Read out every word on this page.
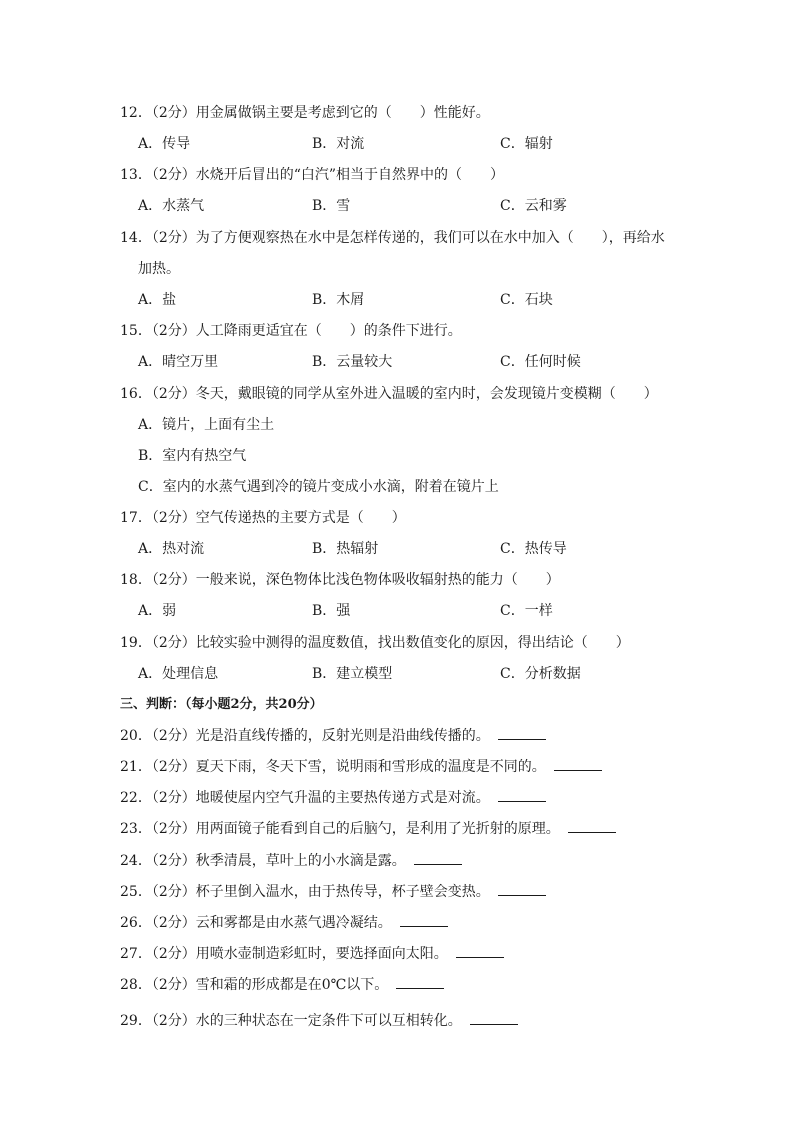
12．（2分）用金属做锅主要是考虑到它的（　　）性能好。
A．传导	B．对流	C．辐射
13．（2分）水烧开后冒出的“白汽”相当于自然界中的（　　）
A．水蒸气	B．雪	C．云和雾
14．（2分）为了方便观察热在水中是怎样传递的，我们可以在水中加入（　　），再给水
加热。
A．盐	B．木屑	C．石块
15．（2分）人工降雨更适宜在（　　）的条件下进行。
A．晴空万里	B．云量较大	C．任何时候
16．（2分）冬天，戴眼镜的同学从室外进入温暖的室内时，会发现镜片变模糊（　　）
A．镜片，上面有尘土
B．室内有热空气
C．室内的水蒸气遇到冷的镜片变成小水滴，附着在镜片上
17．（2分）空气传递热的主要方式是（　　）
A．热对流	B．热辐射	C．热传导
18．（2分）一般来说，深色物体比浅色物体吸收辐射热的能力（　　）
A．弱	B．强	C．一样
19．（2分）比较实验中测得的温度数值，找出数值变化的原因，得出结论（　　）
A．处理信息	B．建立模型	C．分析数据
三、判断：（每小题2分，共20分）
20．（2分）光是沿直线传播的，反射光则是沿曲线传播的。
21．（2分）夏天下雨，冬天下雪，说明雨和雪形成的温度是不同的。
22．（2分）地暖使屋内空气升温的主要热传递方式是对流。
23．（2分）用两面镜子能看到自己的后脑勺，是利用了光折射的原理。
24．（2分）秋季清晨，草叶上的小水滴是露。
25．（2分）杯子里倒入温水，由于热传导，杯子壁会变热。
26．（2分）云和雾都是由水蒸气遇冷凝结。
27．（2分）用喷水壶制造彩虹时，要选择面向太阳。
28．（2分）雪和霜的形成都是在0℃以下。
29．（2分）水的三种状态在一定条件下可以互相转化。
